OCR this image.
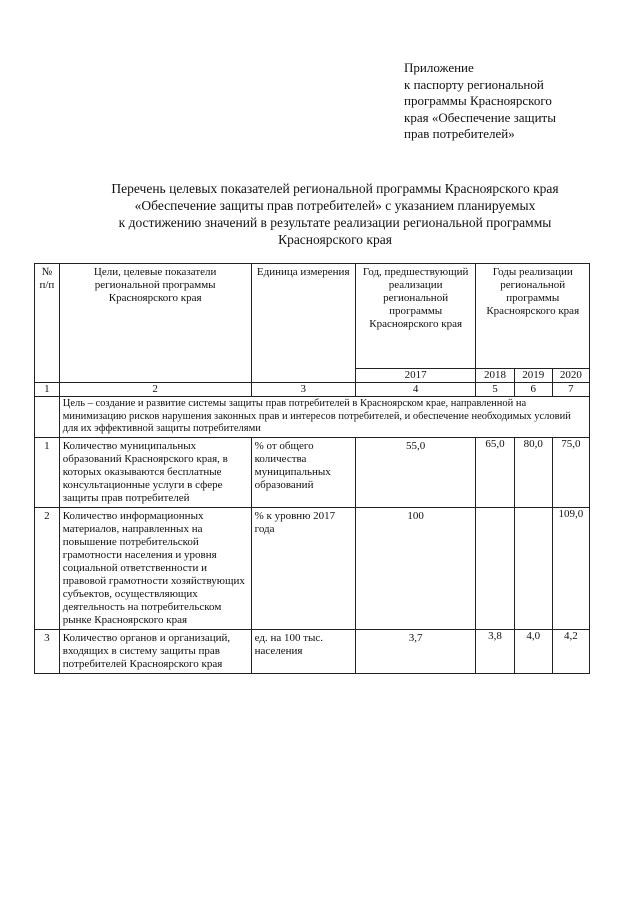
Приложение
к паспорту региональной
программы Красноярского
края «Обеспечение защиты
прав потребителей»
Перечень целевых показателей региональной программы Красноярского края
«Обеспечение защиты прав потребителей» с указанием планируемых
к достижению значений в результате реализации региональной программы
Красноярского края
№ п/п	Цели, целевые показатели региональной программы Красноярского края	Единица измерения	Год, предшествующий реализации региональной программы Красноярского края	Годы реализации региональной программы Красноярского края		
			2017	2018	2019	2020
1	2	3	4	5	6	7
	Цель – создание и развитие системы защиты прав потребителей в Красноярском крае, направленной на минимизацию рисков нарушения законных прав и интересов потребителей, и обеспечение необходимых условий для их эффективной защиты потребителями					
1	Количество муниципальных образований Красноярского края, в которых оказываются бесплатные консультационные услуги в сфере защиты прав потребителей	% от общего количества муниципальных образований	55,0	65,0	80,0	75,0
2	Количество информационных материалов, направленных на повышение потребительской грамотности населения и уровня социальной ответственности и правовой грамотности хозяйствующих субъектов, осуществляющих деятельность на потребительском рынке Красноярского края	% к уровню 2017 года	100			109,0
3	Количество органов и организаций, входящих в систему защиты прав потребителей Красноярского края	ед. на 100 тыс. населения	3,7	3,8	4,0	4,2
